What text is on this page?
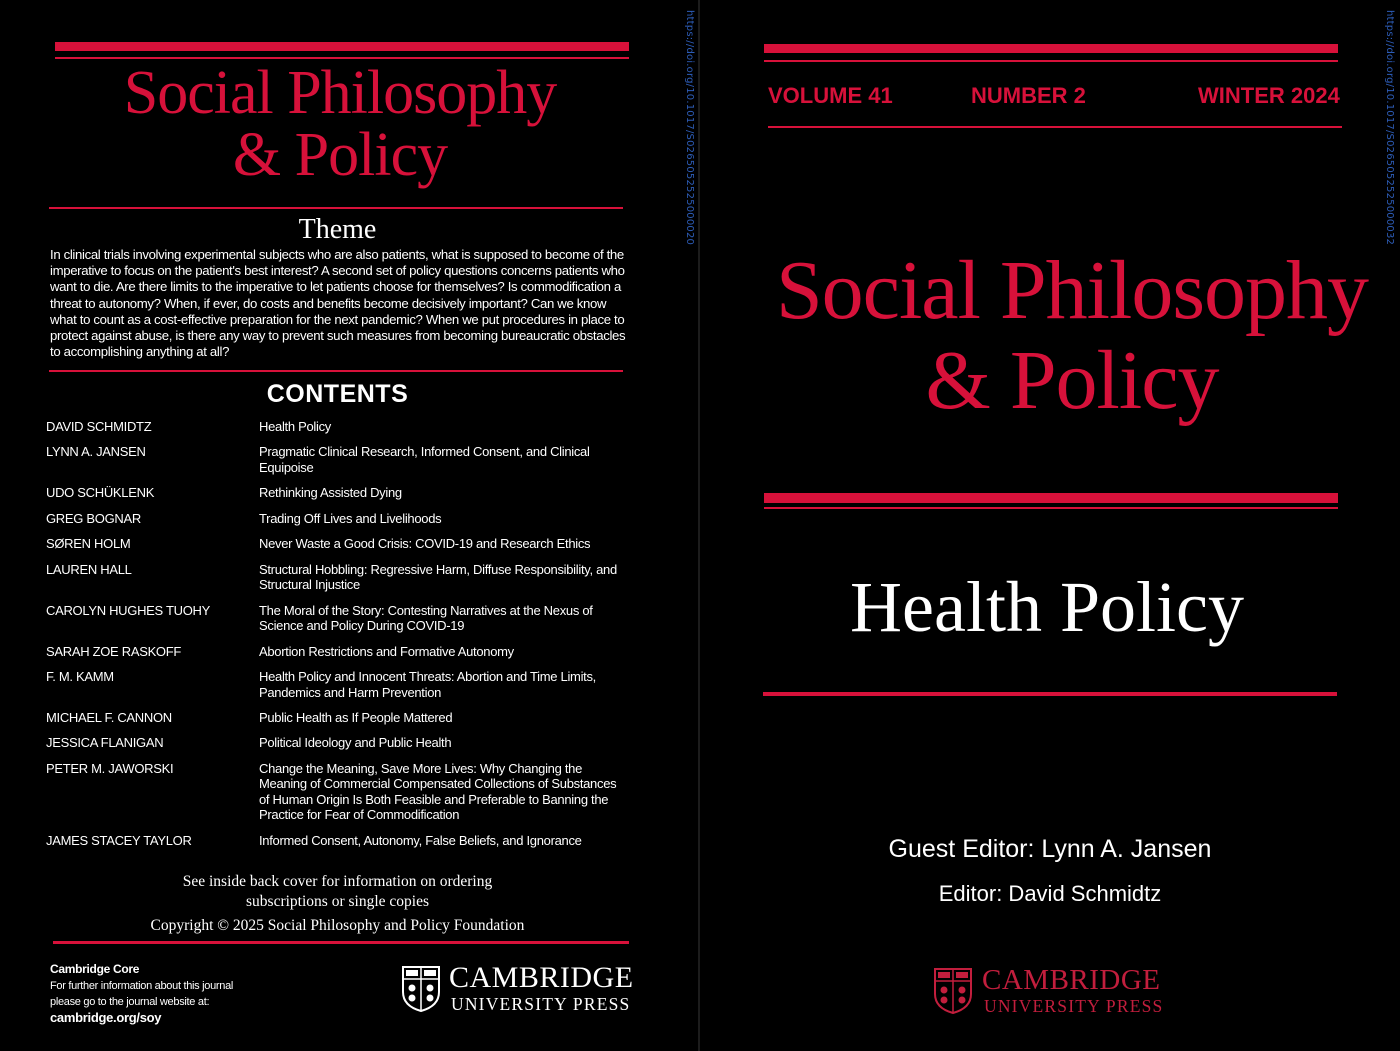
Social Philosophy
& Policy
Theme
In clinical trials involving experimental subjects who are also patients, what is supposed to become of the imperative to focus on the patient's best interest? A second set of policy questions concerns patients who want to die. Are there limits to the imperative to let patients choose for themselves? Is commodification a threat to autonomy? When, if ever, do costs and benefits become decisively important? Can we know what to count as a cost-effective preparation for the next pandemic? When we put procedures in place to protect against abuse, is there any way to prevent such measures from becoming bureaucratic obstacles to accomplishing anything at all?
CONTENTS
DAVID SCHMIDTZ	Health Policy
LYNN A. JANSEN	Pragmatic Clinical Research, Informed Consent, and Clinical Equipoise
UDO SCHÜKLENK	Rethinking Assisted Dying
GREG BOGNAR	Trading Off Lives and Livelihoods
SØREN HOLM	Never Waste a Good Crisis: COVID-19 and Research Ethics
LAUREN HALL	Structural Hobbling: Regressive Harm, Diffuse Responsibility, and Structural Injustice
CAROLYN HUGHES TUOHY	The Moral of the Story: Contesting Narratives at the Nexus of Science and Policy During COVID-19
SARAH ZOE RASKOFF	Abortion Restrictions and Formative Autonomy
F. M. KAMM	Health Policy and Innocent Threats: Abortion and Time Limits, Pandemics and Harm Prevention
MICHAEL F. CANNON	Public Health as If People Mattered
JESSICA FLANIGAN	Political Ideology and Public Health
PETER M. JAWORSKI	Change the Meaning, Save More Lives: Why Changing the Meaning of Commercial Compensated Collections of Substances of Human Origin Is Both Feasible and Preferable to Banning the Practice for Fear of Commodification
JAMES STACEY TAYLOR	Informed Consent, Autonomy, False Beliefs, and Ignorance
See inside back cover for information on ordering
subscriptions or single copies
Copyright © 2025 Social Philosophy and Policy Foundation
Cambridge Core
For further information about this journal
please go to the journal website at:
cambridge.org/soy
CAMBRIDGE
UNIVERSITY PRESS
https://doi.org/10.1017/S0265052525000020	VOLUME 41	NUMBER 2	WINTER 2024
Social Philosophy
& Policy
Health Policy
Guest Editor: Lynn A. Jansen
Editor: David Schmidtz
https://doi.org/10.1017/S0265052525000032
CAMBRIDGE
UNIVERSITY PRESS
